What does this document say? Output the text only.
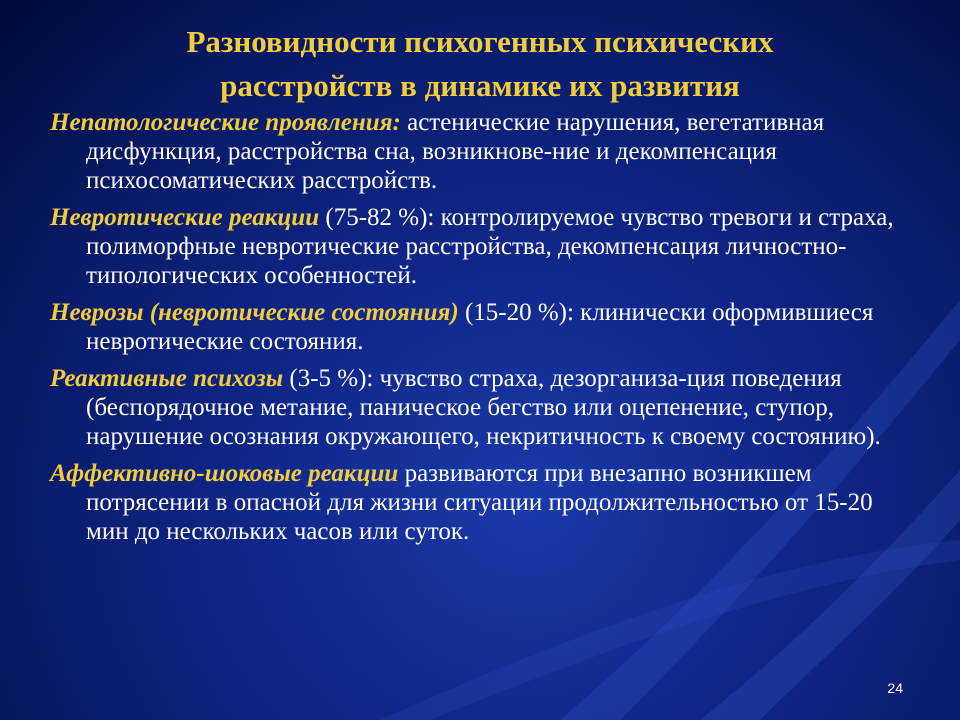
Разновидности психогенных психических
расстройств в динамике их развития
Непатологические проявления: астенические нарушения, вегетативная дисфункция, расстройства сна, возникнове-ние и декомпенсация психосоматических расстройств.
Невротические реакции (75-82 %): контролируемое чувство тревоги и страха, полиморфные невротические расстройства, декомпенсация личностно-типологических особенностей.
Неврозы (невротические состояния) (15-20 %): клинически оформившиеся невротические состояния.
Реактивные психозы (3-5 %): чувство страха, дезорганиза-ция поведения (беспорядочное метание, паническое бегство или оцепенение, ступор, нарушение осознания окружающего, некритичность к своему состоянию).
Аффективно-шоковые реакции развиваются при внезапно возникшем потрясении в опасной для жизни ситуации продолжительностью от 15-20 мин до нескольких часов или суток.
24
